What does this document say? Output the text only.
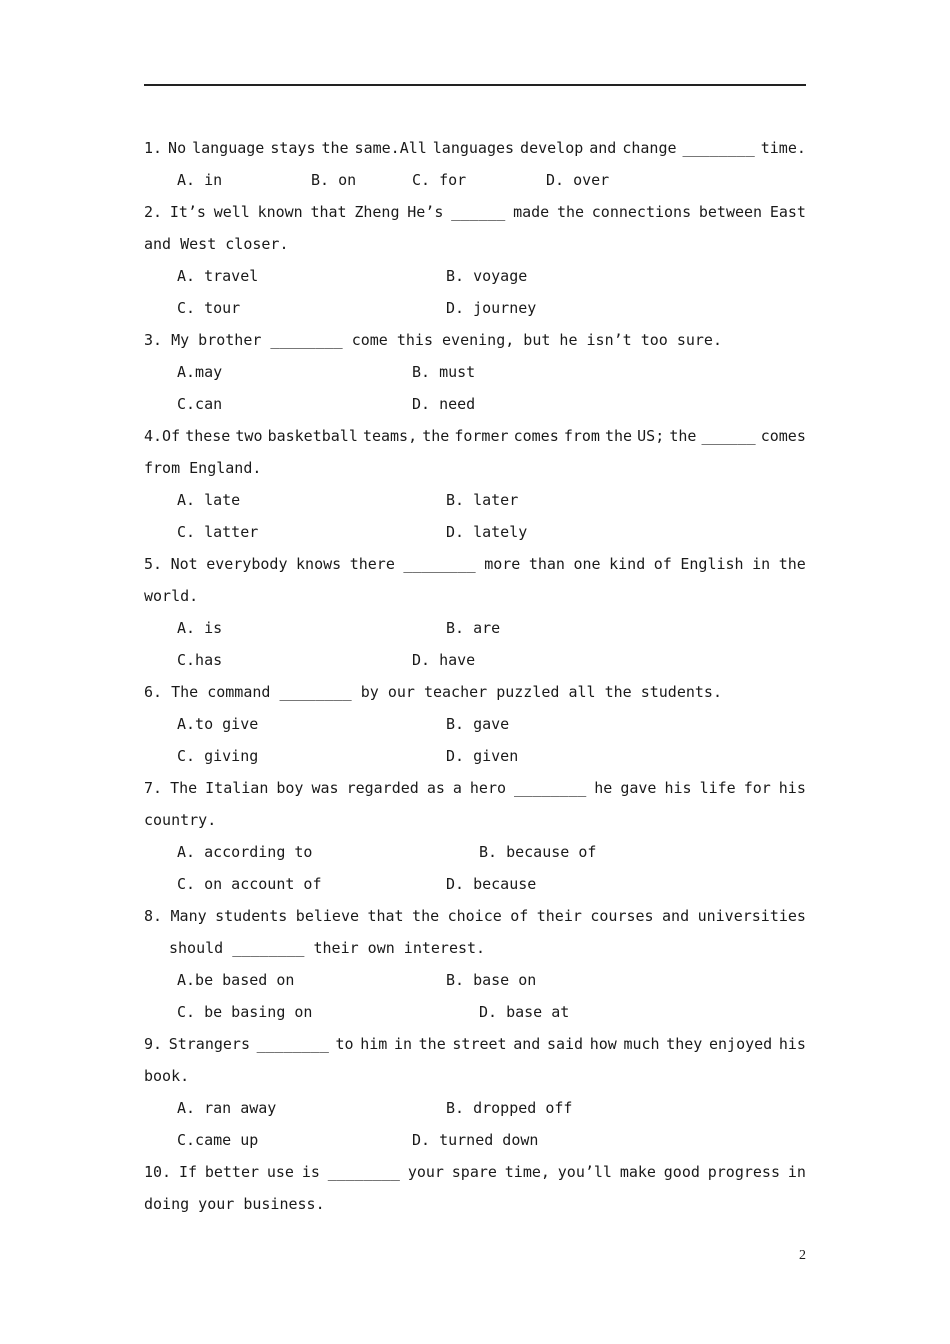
1. No language stays the same.All languages develop and change ________ time.
A. in	B. on	C. for	D. over
2. It’s well known that Zheng He’s ______ made the connections between East
and West closer.
A. travel	B. voyage
C. tour	D. journey
3. My brother ________ come this evening, but he isn’t too sure.
A.may	B. must
C.can	D. need
4.Of these two basketball teams, the former comes from the US; the ______ comes
from England.
A. late	B. later
C. latter	D. lately
5. Not everybody knows there ________ more than one kind of English in the
world.
A. is	B. are
C.has	D. have
6. The command ________ by our teacher puzzled all the students.
A.to give	B. gave
C. giving	D. given
7. The Italian boy was regarded as a hero ________ he gave his life for his
country.
A. according to	B. because of
C. on account of	D. because
8. Many students believe that the choice of their courses and universities
should ________ their own interest.
A.be based on	B. base on
C. be basing on	D. base at
9. Strangers ________ to him in the street and said how much they enjoyed his
book.
A. ran away	B. dropped off
C.came up	D. turned down
10. If better use is ________ your spare time, you’ll make good progress in
doing your business.
2
